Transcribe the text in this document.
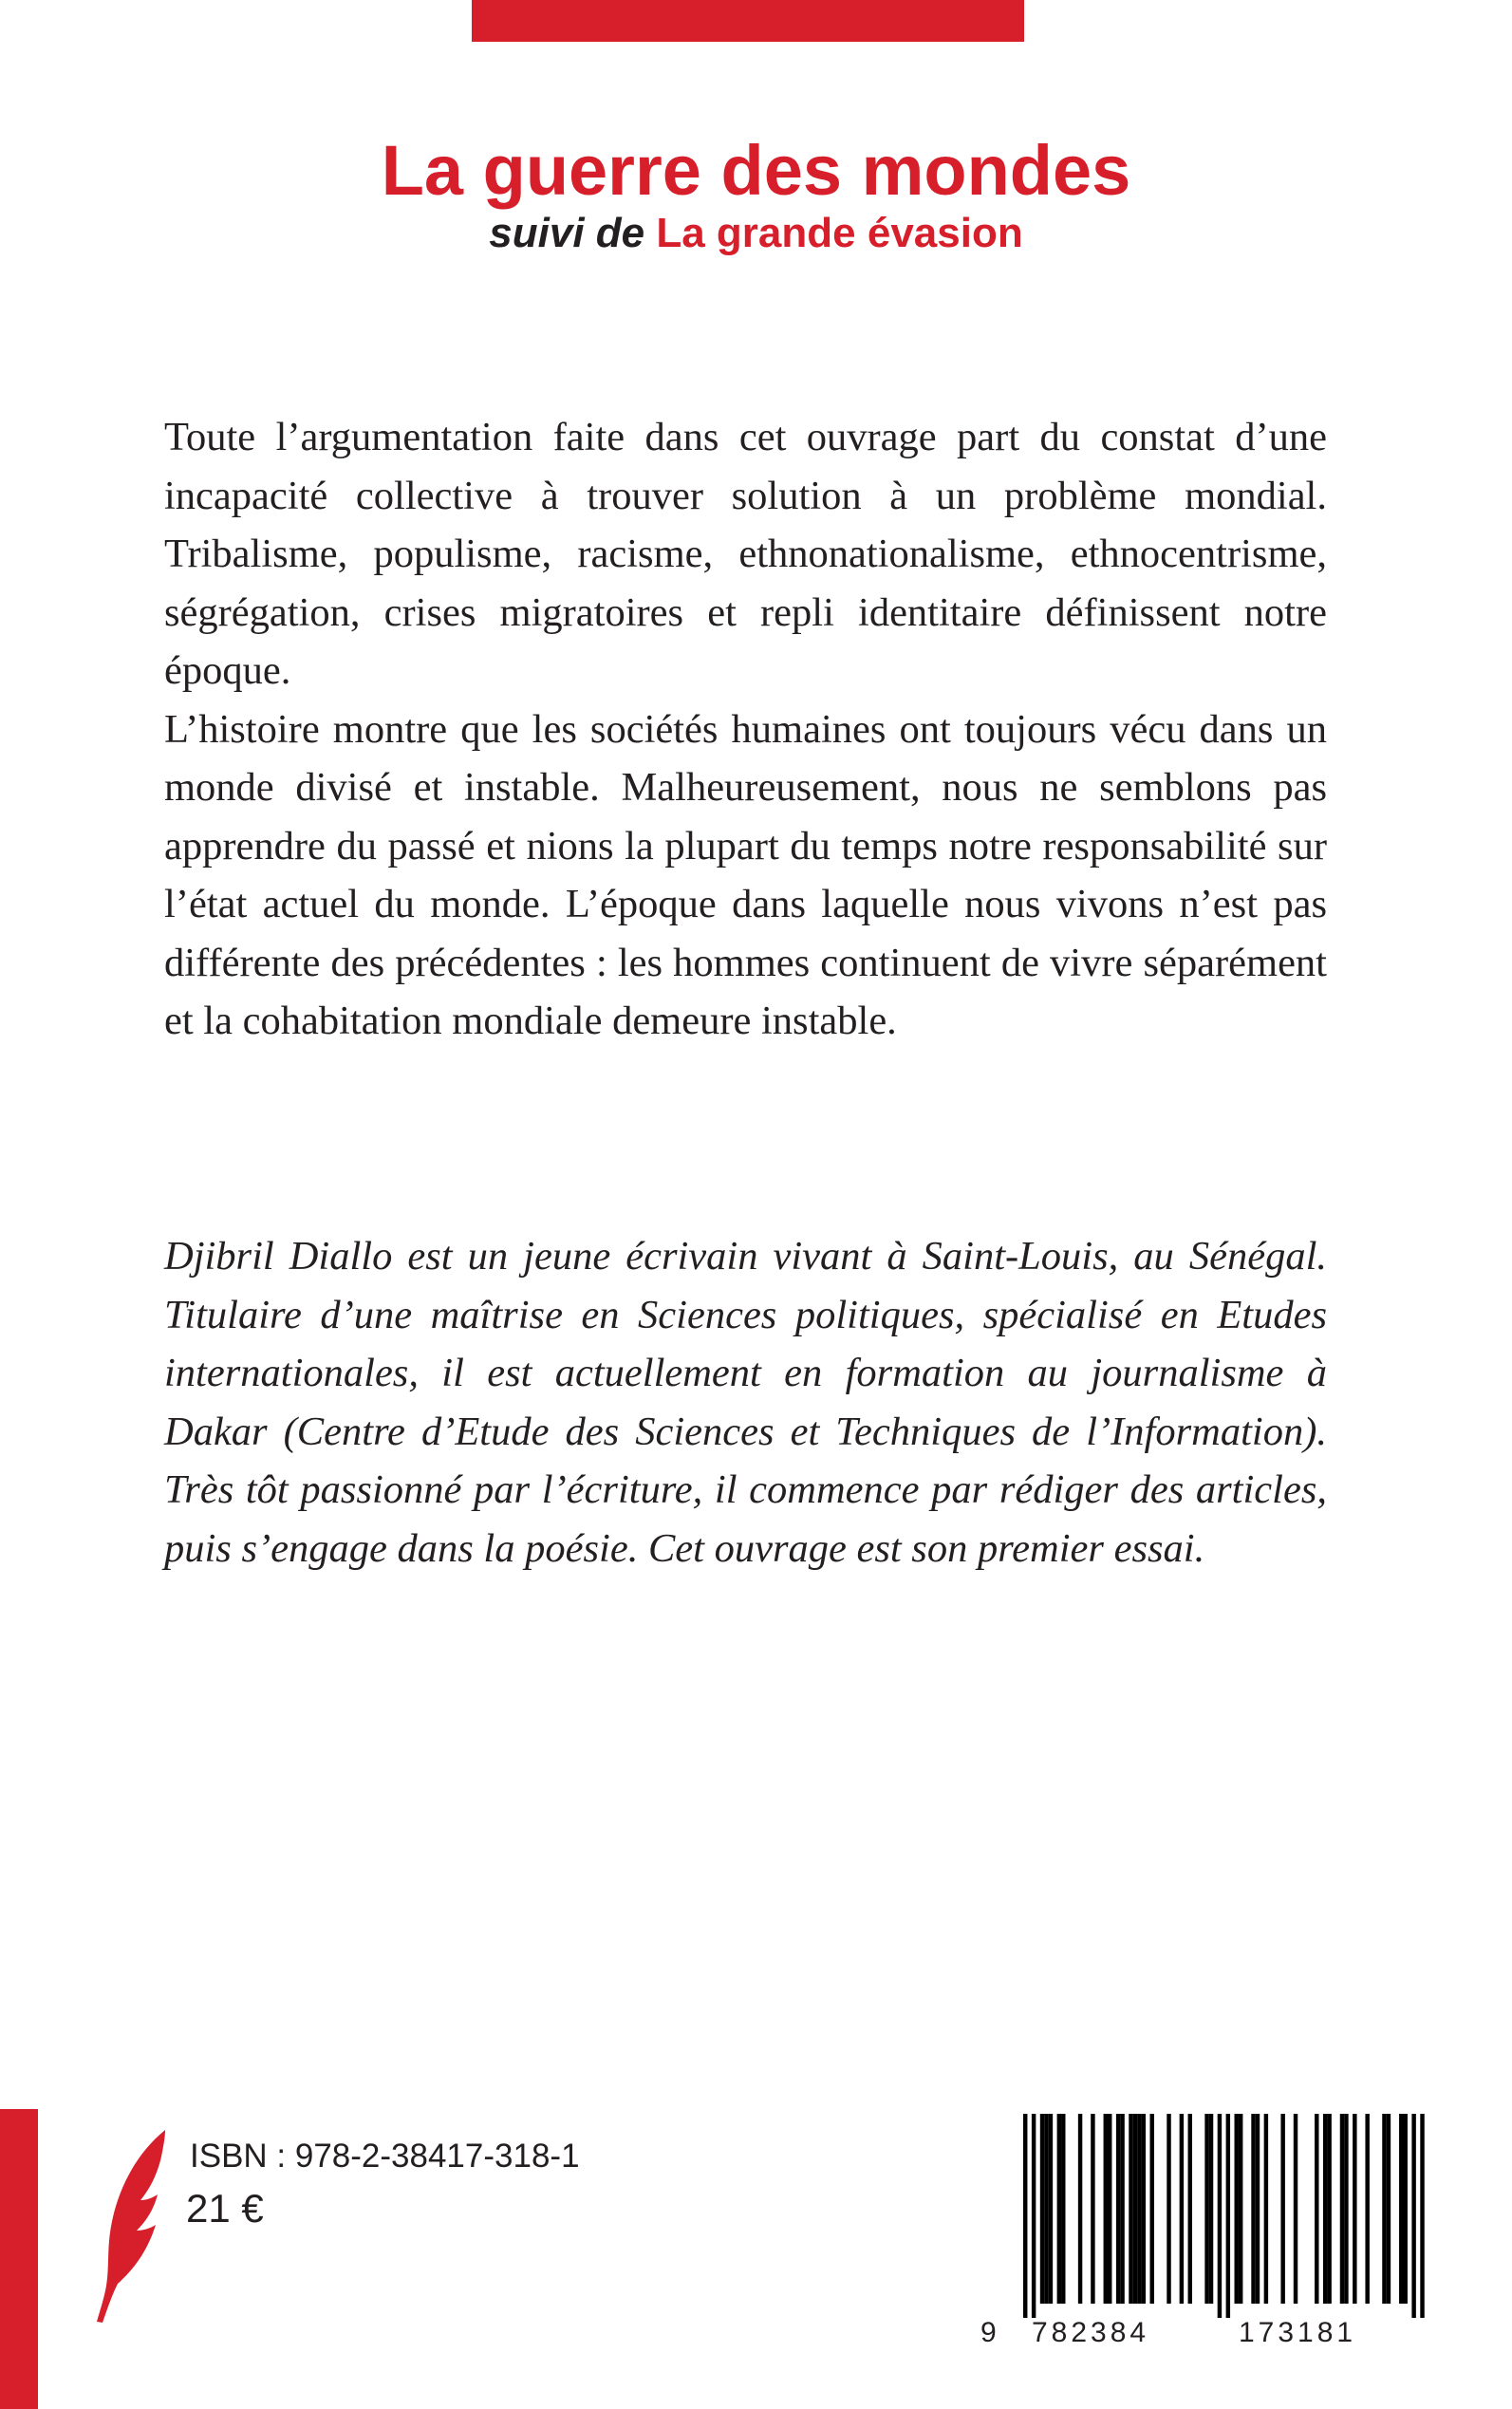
La guerre des mondes
suivi de La grande évasion

Toute l’argumentation faite dans cet ouvrage part du constat d’une incapacité collective à trouver solution à un problème mondial. Tribalisme, populisme, racisme, ethnonationalisme, ethnocentrisme, ségrégation, crises migratoires et repli identitaire définissent notre époque.

L’histoire montre que les sociétés humaines ont toujours vécu dans un monde divisé et instable. Malheureusement, nous ne semblons pas apprendre du passé et nions la plupart du temps notre responsabilité sur l’état actuel du monde. L’époque dans laquelle nous vivons n’est pas différente des précédentes : les hommes continuent de vivre séparément et la cohabitation mondiale demeure instable.

Djibril Diallo est un jeune écrivain vivant à Saint-Louis, au Sénégal. Titulaire d’une maîtrise en Sciences politiques, spécialisé en Etudes internationales, il est actuellement en formation au journalisme à Dakar (Centre d’Etude des Sciences et Techniques de l’Information). Très tôt passionné par l’écriture, il commence par rédiger des articles, puis s’engage dans la poésie. Cet ouvrage est son premier essai.

ISBN : 978-2-38417-318-1
21 €
9 782384	173181
